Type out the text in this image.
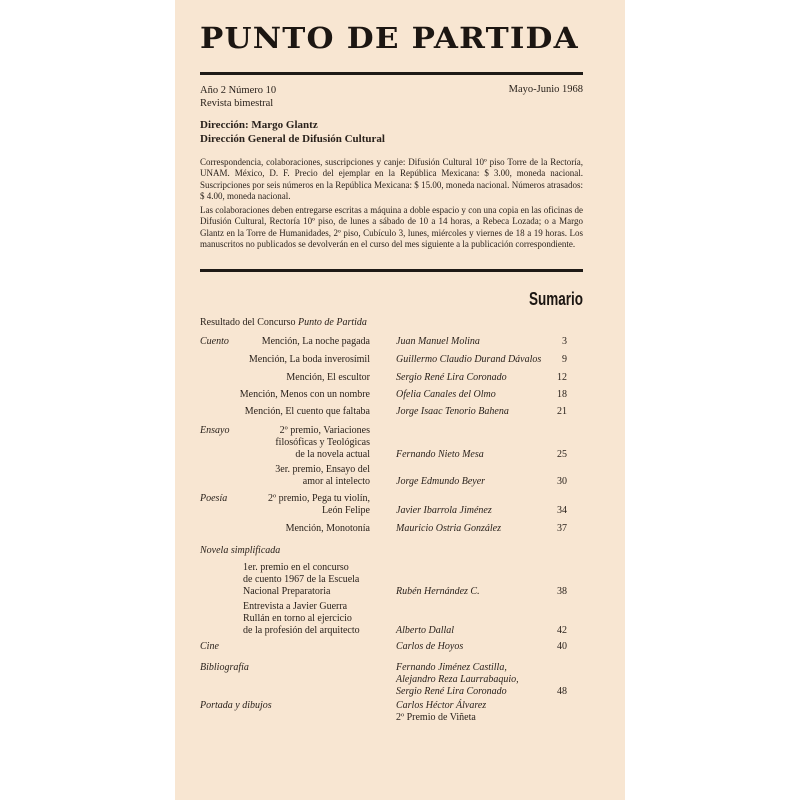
PUNTO DE PARTIDA
Año 2 Número 10
Revista bimestral
Mayo-Junio 1968
Dirección: Margo Glantz
Dirección General de Difusión Cultural
Correspondencia, colaboraciones, suscripciones y canje: Difusión Cultural 10º piso Torre de la Rectoría, UNAM. México, D. F. Precio del ejemplar en la República Mexicana: $ 3.00, moneda nacional. Suscripciones por seis números en la República Mexicana: $ 15.00, moneda nacional. Números atrasados: $ 4.00, moneda nacional.
Las colaboraciones deben entregarse escritas a máquina a doble espacio y con una copia en las oficinas de Difusión Cultural, Rectoría 10º piso, de lunes a sábado de 10 a 14 horas, a Rebeca Lozada; o a Margo Glantz en la Torre de Humanidades, 2º piso, Cubículo 3, lunes, miércoles y viernes de 18 a 19 horas. Los manuscritos no publicados se devolverán en el curso del mes siguiente a la publicación correspondiente.
Sumario
Resultado del Concurso Punto de Partida
Cuento	Mención, La noche pagada	Juan Manuel Molina	3
Mención, La boda inverosímil	Guillermo Claudio Durand Dávalos 9
Mención, El escultor	Sergio René Lira Coronado	12
Mención, Menos con un nombre	Ofelia Canales del Olmo	18
Mención, El cuento que faltaba	Jorge Isaac Tenorio Bahena	21
Ensayo	2º premio, Variaciones
filosóficas y Teológicas
de la novela actual	Fernando Nieto Mesa	25
3er. premio, Ensayo del
amor al intelecto	Jorge Edmundo Beyer	30
Poesía	2º premio, Pega tu violín,
León Felipe	Javier Ibarrola Jiménez	34
Mención, Monotonía	Mauricio Ostria González	37
Novela simplificada
1er. premio en el concurso
de cuento 1967 de la Escuela
Nacional Preparatoria	Rubén Hernández C.	38
Entrevista a Javier Guerra
Rullán en torno al ejercicio
de la profesión del arquitecto	Alberto Dallal	42
Cine	Carlos de Hoyos	40
Bibliografía	Fernando Jiménez Castilla,
Alejandro Reza Laurrabaquio,
Sergio René Lira Coronado	48
Portada y dibujos	Carlos Héctor Álvarez
2º Premio de Viñeta
